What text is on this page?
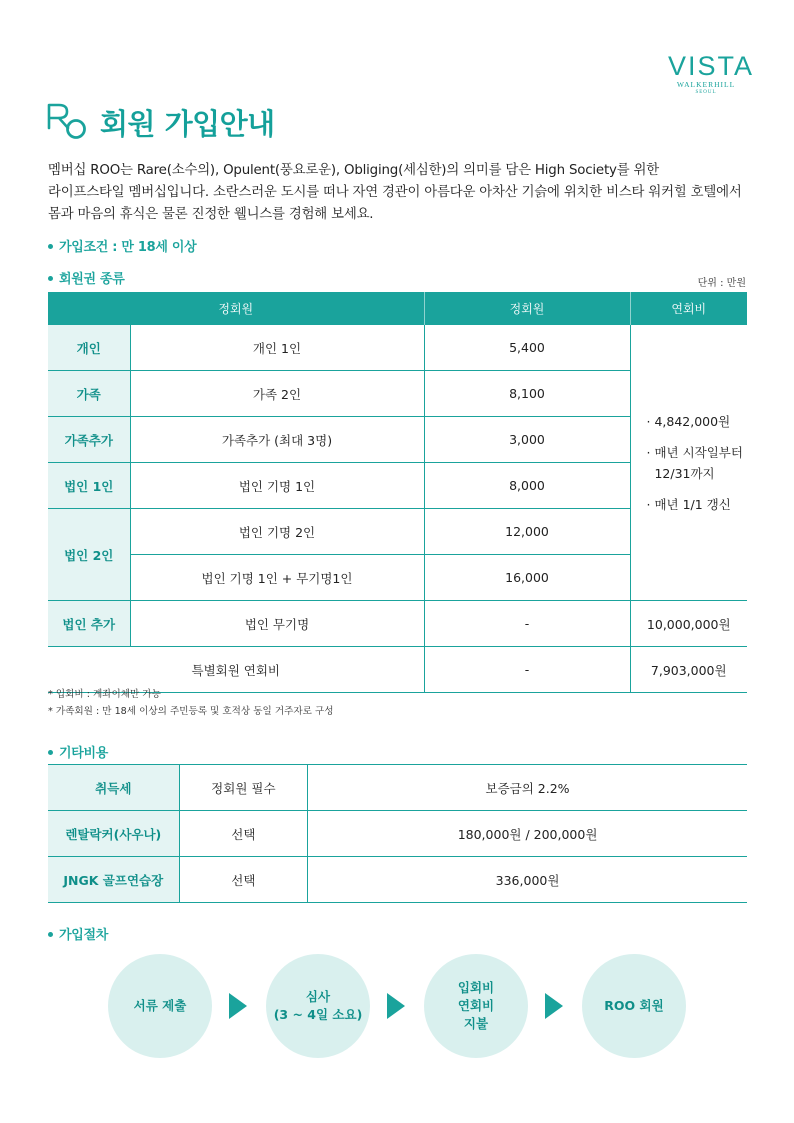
VISTA
WALKERHILL
SEOUL
회원 가입안내

멤버십 ROO는 Rare(소수의), Opulent(풍요로운), Obliging(세심한)의 의미를 담은 High Society를 위한

라이프스타일 멤버십입니다. 소란스러운 도시를 떠나 자연 경관이 아름다운 아차산 기슭에 위치한 비스타 워커힐 호텔에서

몸과 마음의 휴식은 물론 진정한 웰니스를 경험해 보세요.

가입조건 : 만 18세 이상
회원권 종류	단위 : 만원
정회원		정회원	연회비
개인	개인 1인	5,400	· 4,842,000원
· 매년 시작일부터
12/31까지
· 매년 1/1 갱신

가족	가족 2인	8,100	
가족추가	가족추가 (최대 3명)	3,000	
법인 1인	법인 기명 1인	8,000	
법인 2인	법인 기명 2인	12,000	
	법인 기명 1인 + 무기명1인	16,000	
법인 추가	법인 무기명	-	10,000,000원
특별회원 연회비		-	7,903,000원

* 입회비 : 계좌이체만 가능

* 가족회원 : 만 18세 이상의 주민등록 및 호적상 동일 거주자로 구성

기타비용
취득세	정회원 필수	보증금의 2.2%
렌탈락커(사우나)	선택	180,000원 / 200,000원
JNGK 골프연습장	선택	336,000원
가입절차
서류 제출
심사
(3 ~ 4일 소요)
입회비
연회비
지불
ROO 회원
